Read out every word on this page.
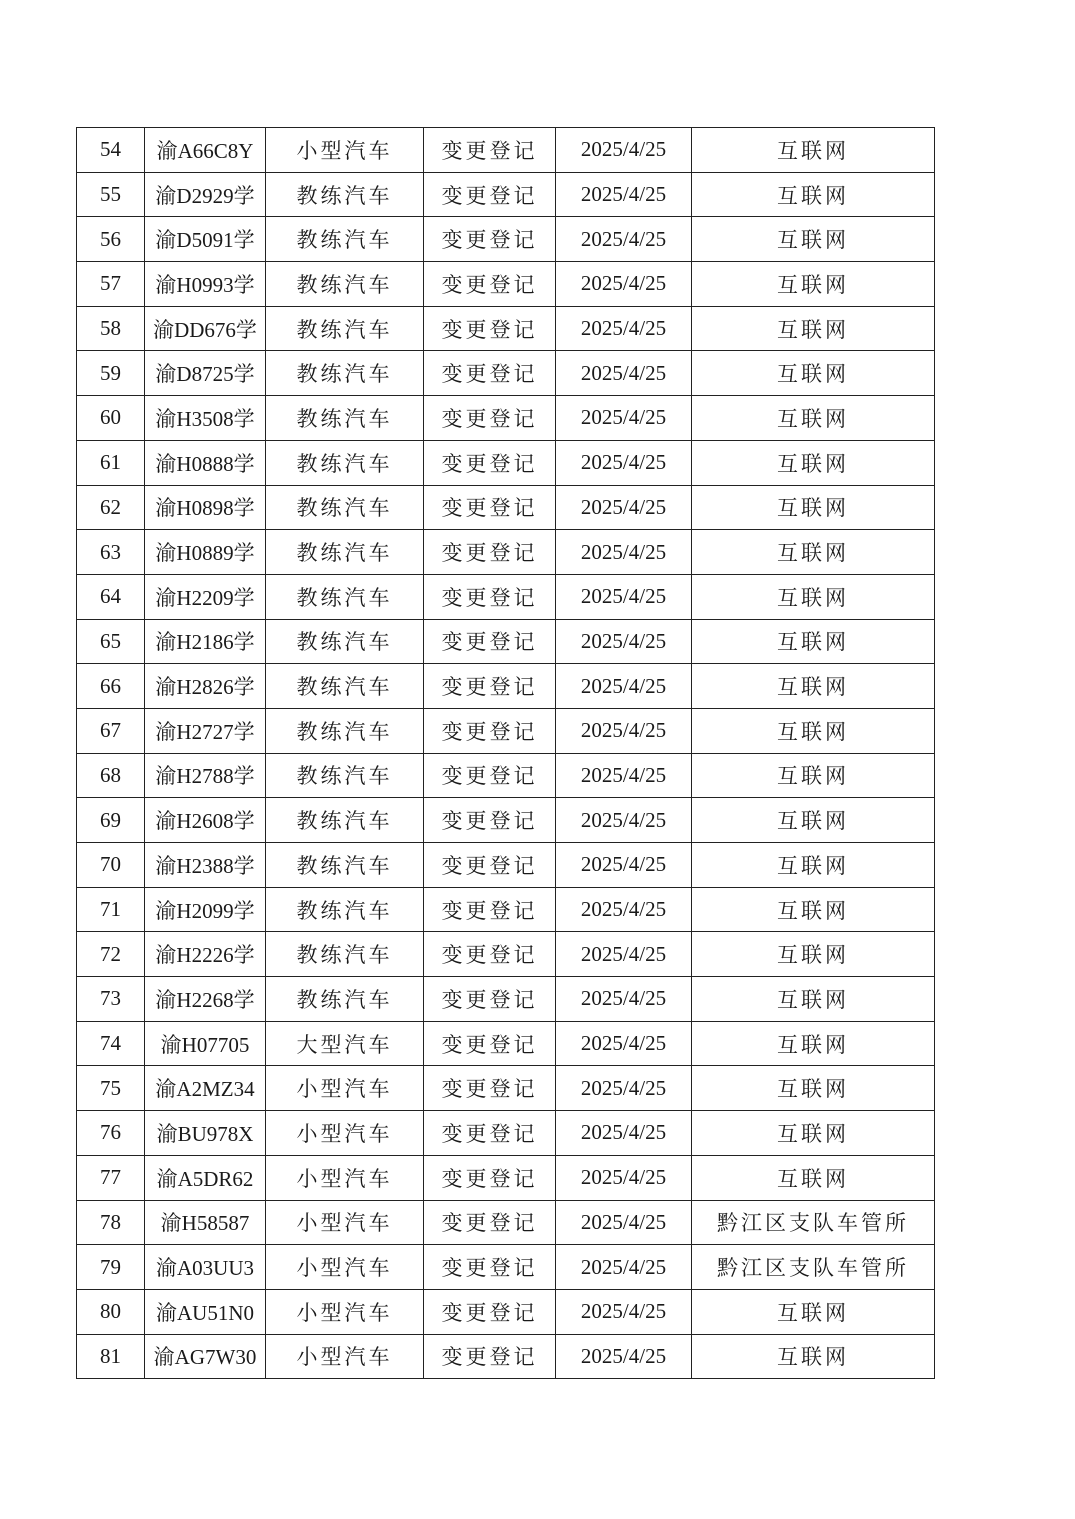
54	渝A66C8Y	小型汽车	变更登记	2025/4/25	互联网
55	渝D2929学	教练汽车	变更登记	2025/4/25	互联网
56	渝D5091学	教练汽车	变更登记	2025/4/25	互联网
57	渝H0993学	教练汽车	变更登记	2025/4/25	互联网
58	渝DD676学	教练汽车	变更登记	2025/4/25	互联网
59	渝D8725学	教练汽车	变更登记	2025/4/25	互联网
60	渝H3508学	教练汽车	变更登记	2025/4/25	互联网
61	渝H0888学	教练汽车	变更登记	2025/4/25	互联网
62	渝H0898学	教练汽车	变更登记	2025/4/25	互联网
63	渝H0889学	教练汽车	变更登记	2025/4/25	互联网
64	渝H2209学	教练汽车	变更登记	2025/4/25	互联网
65	渝H2186学	教练汽车	变更登记	2025/4/25	互联网
66	渝H2826学	教练汽车	变更登记	2025/4/25	互联网
67	渝H2727学	教练汽车	变更登记	2025/4/25	互联网
68	渝H2788学	教练汽车	变更登记	2025/4/25	互联网
69	渝H2608学	教练汽车	变更登记	2025/4/25	互联网
70	渝H2388学	教练汽车	变更登记	2025/4/25	互联网
71	渝H2099学	教练汽车	变更登记	2025/4/25	互联网
72	渝H2226学	教练汽车	变更登记	2025/4/25	互联网
73	渝H2268学	教练汽车	变更登记	2025/4/25	互联网
74	渝H07705	大型汽车	变更登记	2025/4/25	互联网
75	渝A2MZ34	小型汽车	变更登记	2025/4/25	互联网
76	渝BU978X	小型汽车	变更登记	2025/4/25	互联网
77	渝A5DR62	小型汽车	变更登记	2025/4/25	互联网
78	渝H58587	小型汽车	变更登记	2025/4/25	黔江区支队车管所
79	渝A03UU3	小型汽车	变更登记	2025/4/25	黔江区支队车管所
80	渝AU51N0	小型汽车	变更登记	2025/4/25	互联网
81	渝AG7W30	小型汽车	变更登记	2025/4/25	互联网
